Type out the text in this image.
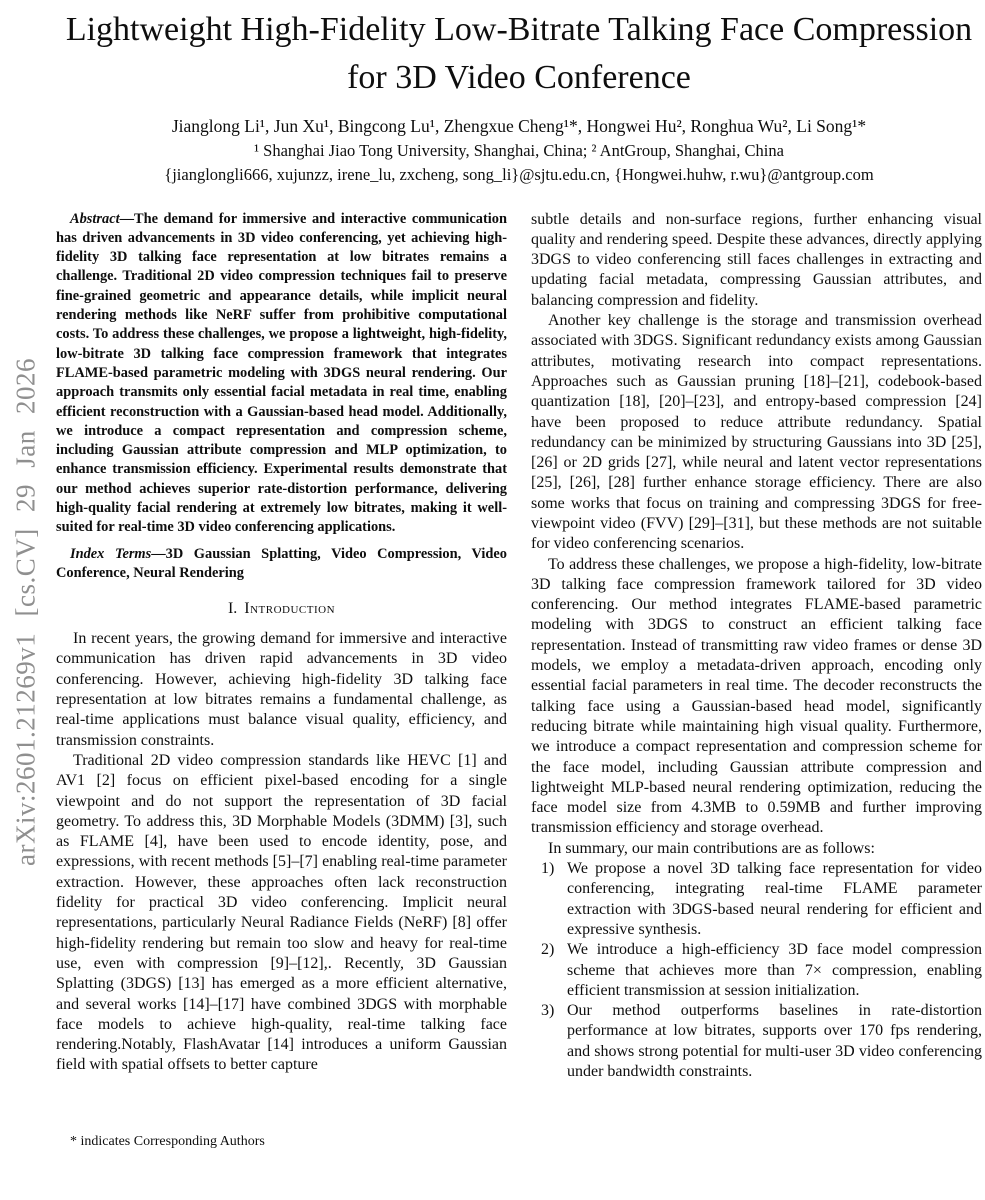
arXiv:2601.21269v1 [cs.CV] 29 Jan 2026
Lightweight High-Fidelity Low-Bitrate Talking Face Compression for 3D Video Conference
Jianglong Li¹, Jun Xu¹, Bingcong Lu¹, Zhengxue Cheng¹*, Hongwei Hu², Ronghua Wu², Li Song¹*
¹ Shanghai Jiao Tong University, Shanghai, China; ² AntGroup, Shanghai, China
{jianglongli666, xujunzz, irene_lu, zxcheng, song_li}@sjtu.edu.cn, {Hongwei.huhw, r.wu}@antgroup.com

Abstract—The demand for immersive and interactive communication has driven advancements in 3D video conferencing, yet achieving high-fidelity 3D talking face representation at low bitrates remains a challenge. Traditional 2D video compression techniques fail to preserve fine-grained geometric and appearance details, while implicit neural rendering methods like NeRF suffer from prohibitive computational costs. To address these challenges, we propose a lightweight, high-fidelity, low-bitrate 3D talking face compression framework that integrates FLAME-based parametric modeling with 3DGS neural rendering. Our approach transmits only essential facial metadata in real time, enabling efficient reconstruction with a Gaussian-based head model. Additionally, we introduce a compact representation and compression scheme, including Gaussian attribute compression and MLP optimization, to enhance transmission efficiency. Experimental results demonstrate that our method achieves superior rate-distortion performance, delivering high-quality facial rendering at extremely low bitrates, making it well-suited for real-time 3D video conferencing applications.

Index Terms—3D Gaussian Splatting, Video Compression, Video Conference, Neural Rendering

I. Introduction

In recent years, the growing demand for immersive and interactive communication has driven rapid advancements in 3D video conferencing. However, achieving high-fidelity 3D talking face representation at low bitrates remains a fundamental challenge, as real-time applications must balance visual quality, efficiency, and transmission constraints.

Traditional 2D video compression standards like HEVC [1] and AV1 [2] focus on efficient pixel-based encoding for a single viewpoint and do not support the representation of 3D facial geometry. To address this, 3D Morphable Models (3DMM) [3], such as FLAME [4], have been used to encode identity, pose, and expressions, with recent methods [5]–[7] enabling real-time parameter extraction. However, these approaches often lack reconstruction fidelity for practical 3D video conferencing. Implicit neural representations, particularly Neural Radiance Fields (NeRF) [8] offer high-fidelity rendering but remain too slow and heavy for real-time use, even with compression [9]–[12],. Recently, 3D Gaussian Splatting (3DGS) [13] has emerged as a more efficient alternative, and several works [14]–[17] have combined 3DGS with morphable face models to achieve high-quality, real-time talking face rendering.Notably, FlashAvatar [14] introduces a uniform Gaussian field with spatial offsets to better capture

* indicates Corresponding Authors

subtle details and non-surface regions, further enhancing visual quality and rendering speed. Despite these advances, directly applying 3DGS to video conferencing still faces challenges in extracting and updating facial metadata, compressing Gaussian attributes, and balancing compression and fidelity.

Another key challenge is the storage and transmission overhead associated with 3DGS. Significant redundancy exists among Gaussian attributes, motivating research into compact representations. Approaches such as Gaussian pruning [18]–[21], codebook-based quantization [18], [20]–[23], and entropy-based compression [24] have been proposed to reduce attribute redundancy. Spatial redundancy can be minimized by structuring Gaussians into 3D [25], [26] or 2D grids [27], while neural and latent vector representations [25], [26], [28] further enhance storage efficiency. There are also some works that focus on training and compressing 3DGS for free-viewpoint video (FVV) [29]–[31], but these methods are not suitable for video conferencing scenarios.

To address these challenges, we propose a high-fidelity, low-bitrate 3D talking face compression framework tailored for 3D video conferencing. Our method integrates FLAME-based parametric modeling with 3DGS to construct an efficient talking face representation. Instead of transmitting raw video frames or dense 3D models, we employ a metadata-driven approach, encoding only essential facial parameters in real time. The decoder reconstructs the talking face using a Gaussian-based head model, significantly reducing bitrate while maintaining high visual quality. Furthermore, we introduce a compact representation and compression scheme for the face model, including Gaussian attribute compression and lightweight MLP-based neural rendering optimization, reducing the face model size from 4.3MB to 0.59MB and further improving transmission efficiency and storage overhead.

In summary, our main contributions are as follows:

1) We propose a novel 3D talking face representation for video conferencing, integrating real-time FLAME parameter extraction with 3DGS-based neural rendering for efficient and expressive synthesis.
2) We introduce a high-efficiency 3D face model compression scheme that achieves more than 7× compression, enabling efficient transmission at session initialization.
3) Our method outperforms baselines in rate-distortion performance at low bitrates, supports over 170 fps rendering, and shows strong potential for multi-user 3D video conferencing under bandwidth constraints.
